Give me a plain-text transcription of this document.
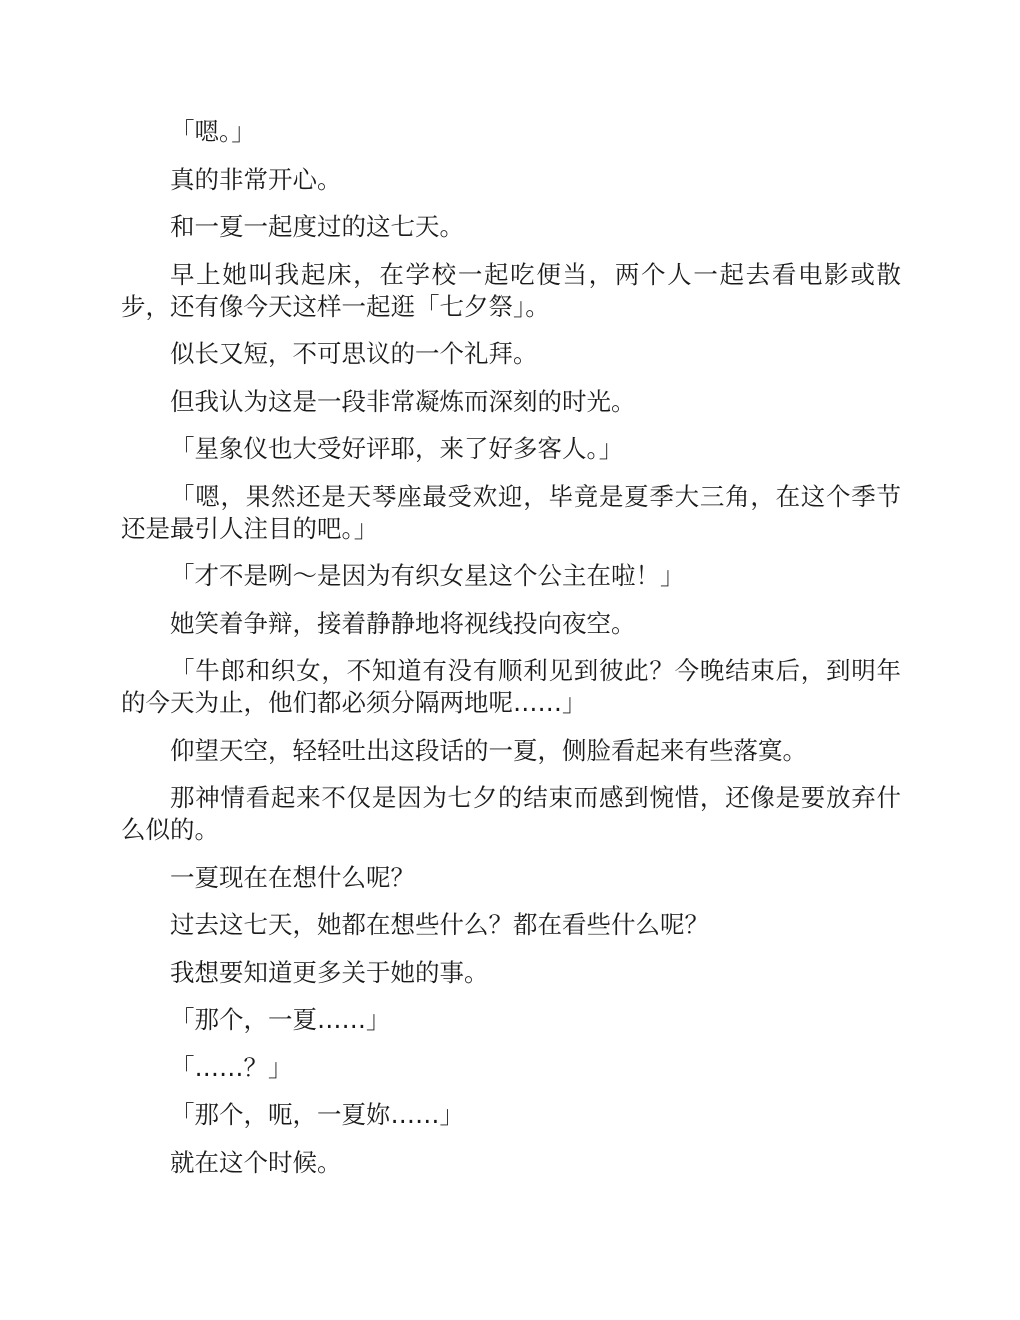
「嗯。」

真的非常开心。

和一夏一起度过的这七天。

早上她叫我起床，在学校一起吃便当，两个人一起去看电影或散步，还有像今天这样一起逛「七夕祭」。

似长又短，不可思议的一个礼拜。

但我认为这是一段非常凝炼而深刻的时光。

「星象仪也大受好评耶，来了好多客人。」

「嗯，果然还是天琴座最受欢迎，毕竟是夏季大三角，在这个季节还是最引人注目的吧。」

「才不是咧～是因为有织女星这个公主在啦！」

她笑着争辩，接着静静地将视线投向夜空。

「牛郎和织女，不知道有没有顺利见到彼此？今晚结束后，到明年的今天为止，他们都必须分隔两地呢……」

仰望天空，轻轻吐出这段话的一夏，侧脸看起来有些落寞。

那神情看起来不仅是因为七夕的结束而感到惋惜，还像是要放弃什么似的。

一夏现在在想什么呢？

过去这七天，她都在想些什么？都在看些什么呢？

我想要知道更多关于她的事。

「那个，一夏……」

「……？」

「那个，呃，一夏妳……」

就在这个时候。
